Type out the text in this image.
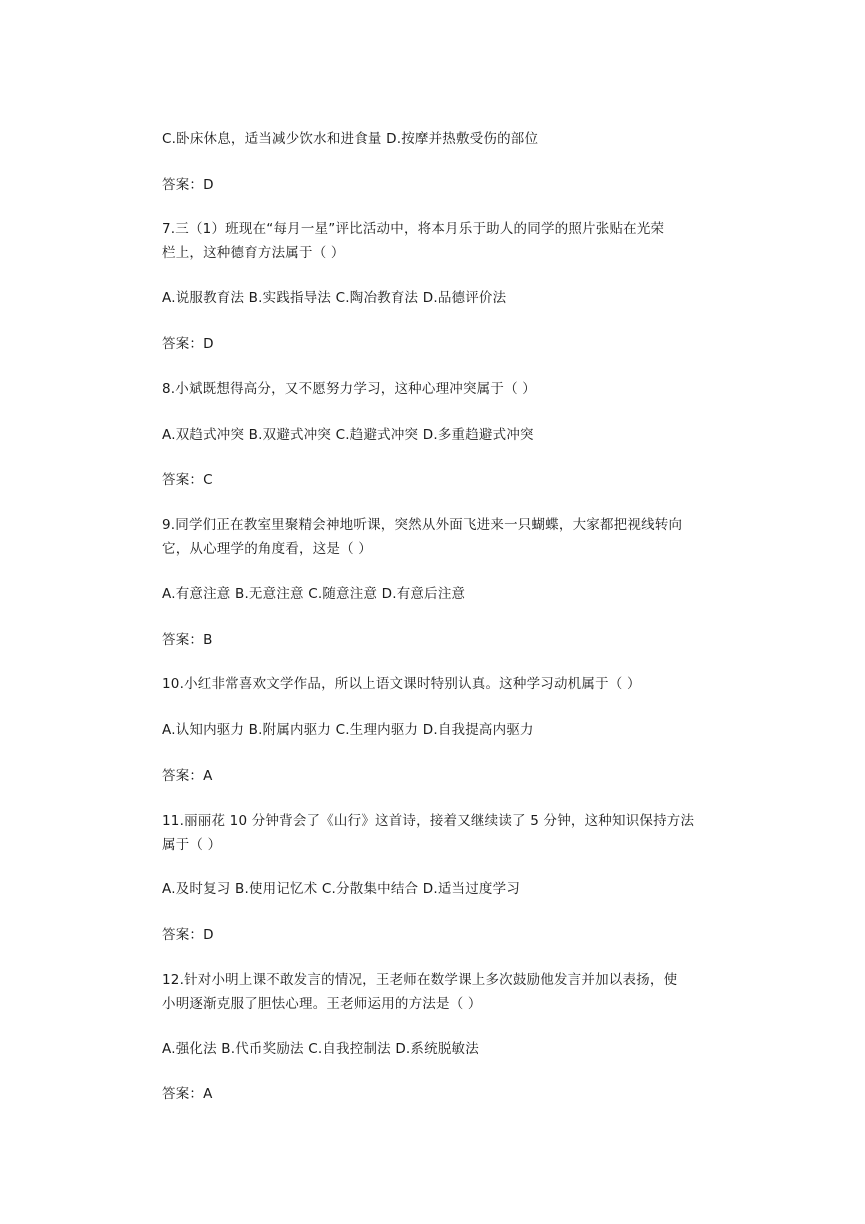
C.卧床休息，适当减少饮水和进食量 D.按摩并热敷受伤的部位
答案：D
7.三（1）班现在“每月一星”评比活动中，将本月乐于助人的同学的照片张贴在光荣
栏上，这种德育方法属于（ ）
A.说服教育法 B.实践指导法 C.陶冶教育法 D.品德评价法
答案：D
8.小斌既想得高分，又不愿努力学习，这种心理冲突属于（ ）
A.双趋式冲突 B.双避式冲突 C.趋避式冲突 D.多重趋避式冲突
答案：C
9.同学们正在教室里聚精会神地听课，突然从外面飞进来一只蝴蝶，大家都把视线转向
它，从心理学的角度看，这是（ ）
A.有意注意 B.无意注意 C.随意注意 D.有意后注意
答案：B
10.小红非常喜欢文学作品，所以上语文课时特别认真。这种学习动机属于（ ）
A.认知内驱力 B.附属内驱力 C.生理内驱力 D.自我提高内驱力
答案：A
11.丽丽花 10 分钟背会了《山行》这首诗，接着又继续读了 5 分钟，这种知识保持方法
属于（ ）
A.及时复习 B.使用记忆术 C.分散集中结合 D.适当过度学习
答案：D
12.针对小明上课不敢发言的情况，王老师在数学课上多次鼓励他发言并加以表扬，使
小明逐渐克服了胆怯心理。王老师运用的方法是（ ）
A.强化法 B.代币奖励法 C.自我控制法 D.系统脱敏法
答案：A
